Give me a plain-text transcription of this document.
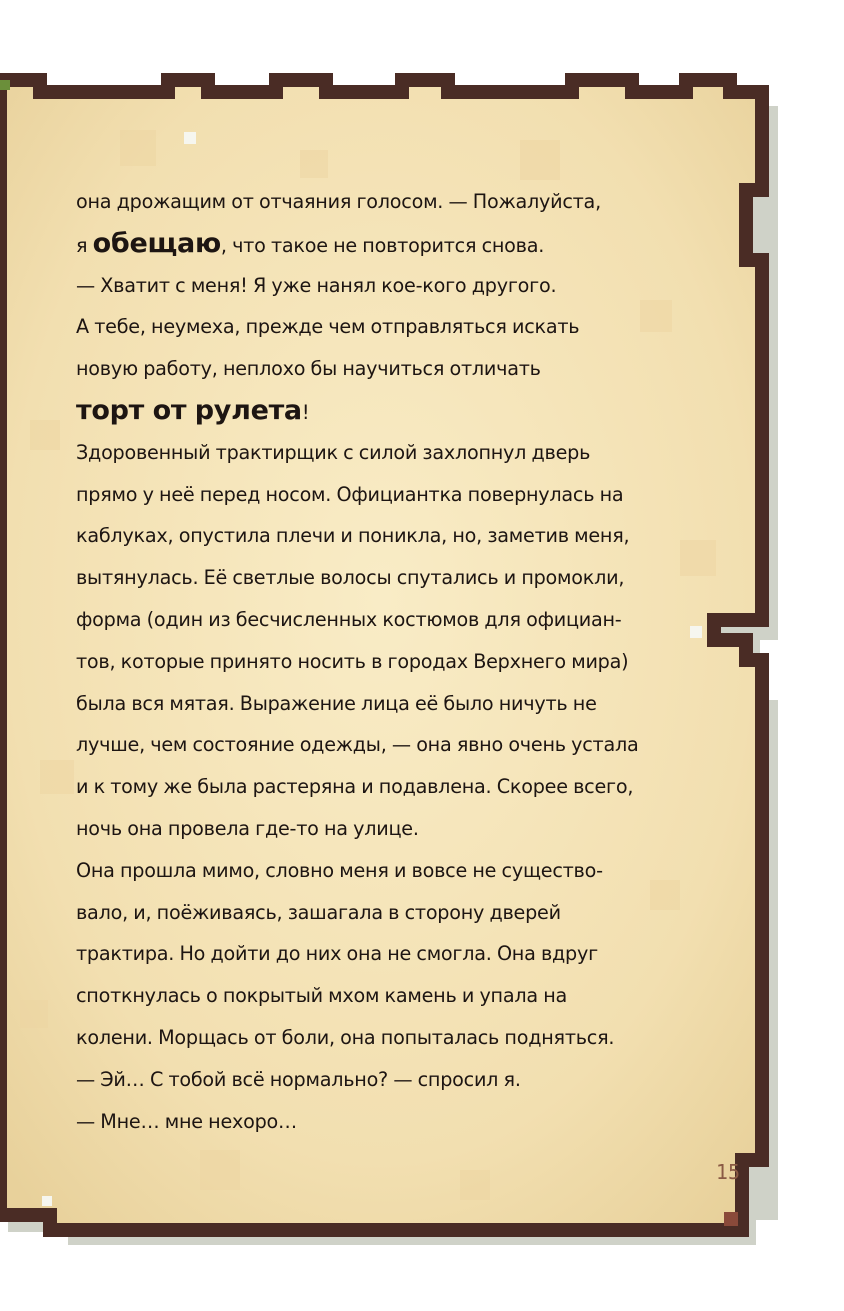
она дрожащим от отчаяния голосом. — Пожалуйста,
я обещаю, что такое не повторится снова.
— Хватит с меня! Я уже нанял кое-кого другого.
А тебе, неумеха, прежде чем отправляться искать
новую работу, неплохо бы научиться отличать
торт от рулета!
Здоровенный трактирщик с силой захлопнул дверь
прямо у неё перед носом. Официантка повернулась на
каблуках, опустила плечи и поникла, но, заметив меня,
вытянулась. Её светлые волосы спутались и промокли,
форма (один из бесчисленных костюмов для официан-
тов, которые принято носить в городах Верхнего мира)
была вся мятая. Выражение лица её было ничуть не
лучше, чем состояние одежды, — она явно очень устала
и к тому же была растеряна и подавлена. Скорее всего,
ночь она провела где-то на улице.
Она прошла мимо, словно меня и вовсе не существо-
вало, и, поёживаясь, зашагала в сторону дверей
трактира. Но дойти до них она не смогла. Она вдруг
споткнулась о покрытый мхом камень и упала на
колени. Морщась от боли, она попыталась подняться.
— Эй… С тобой всё нормально? — спросил я.
— Мне… мне нехоро…
15
